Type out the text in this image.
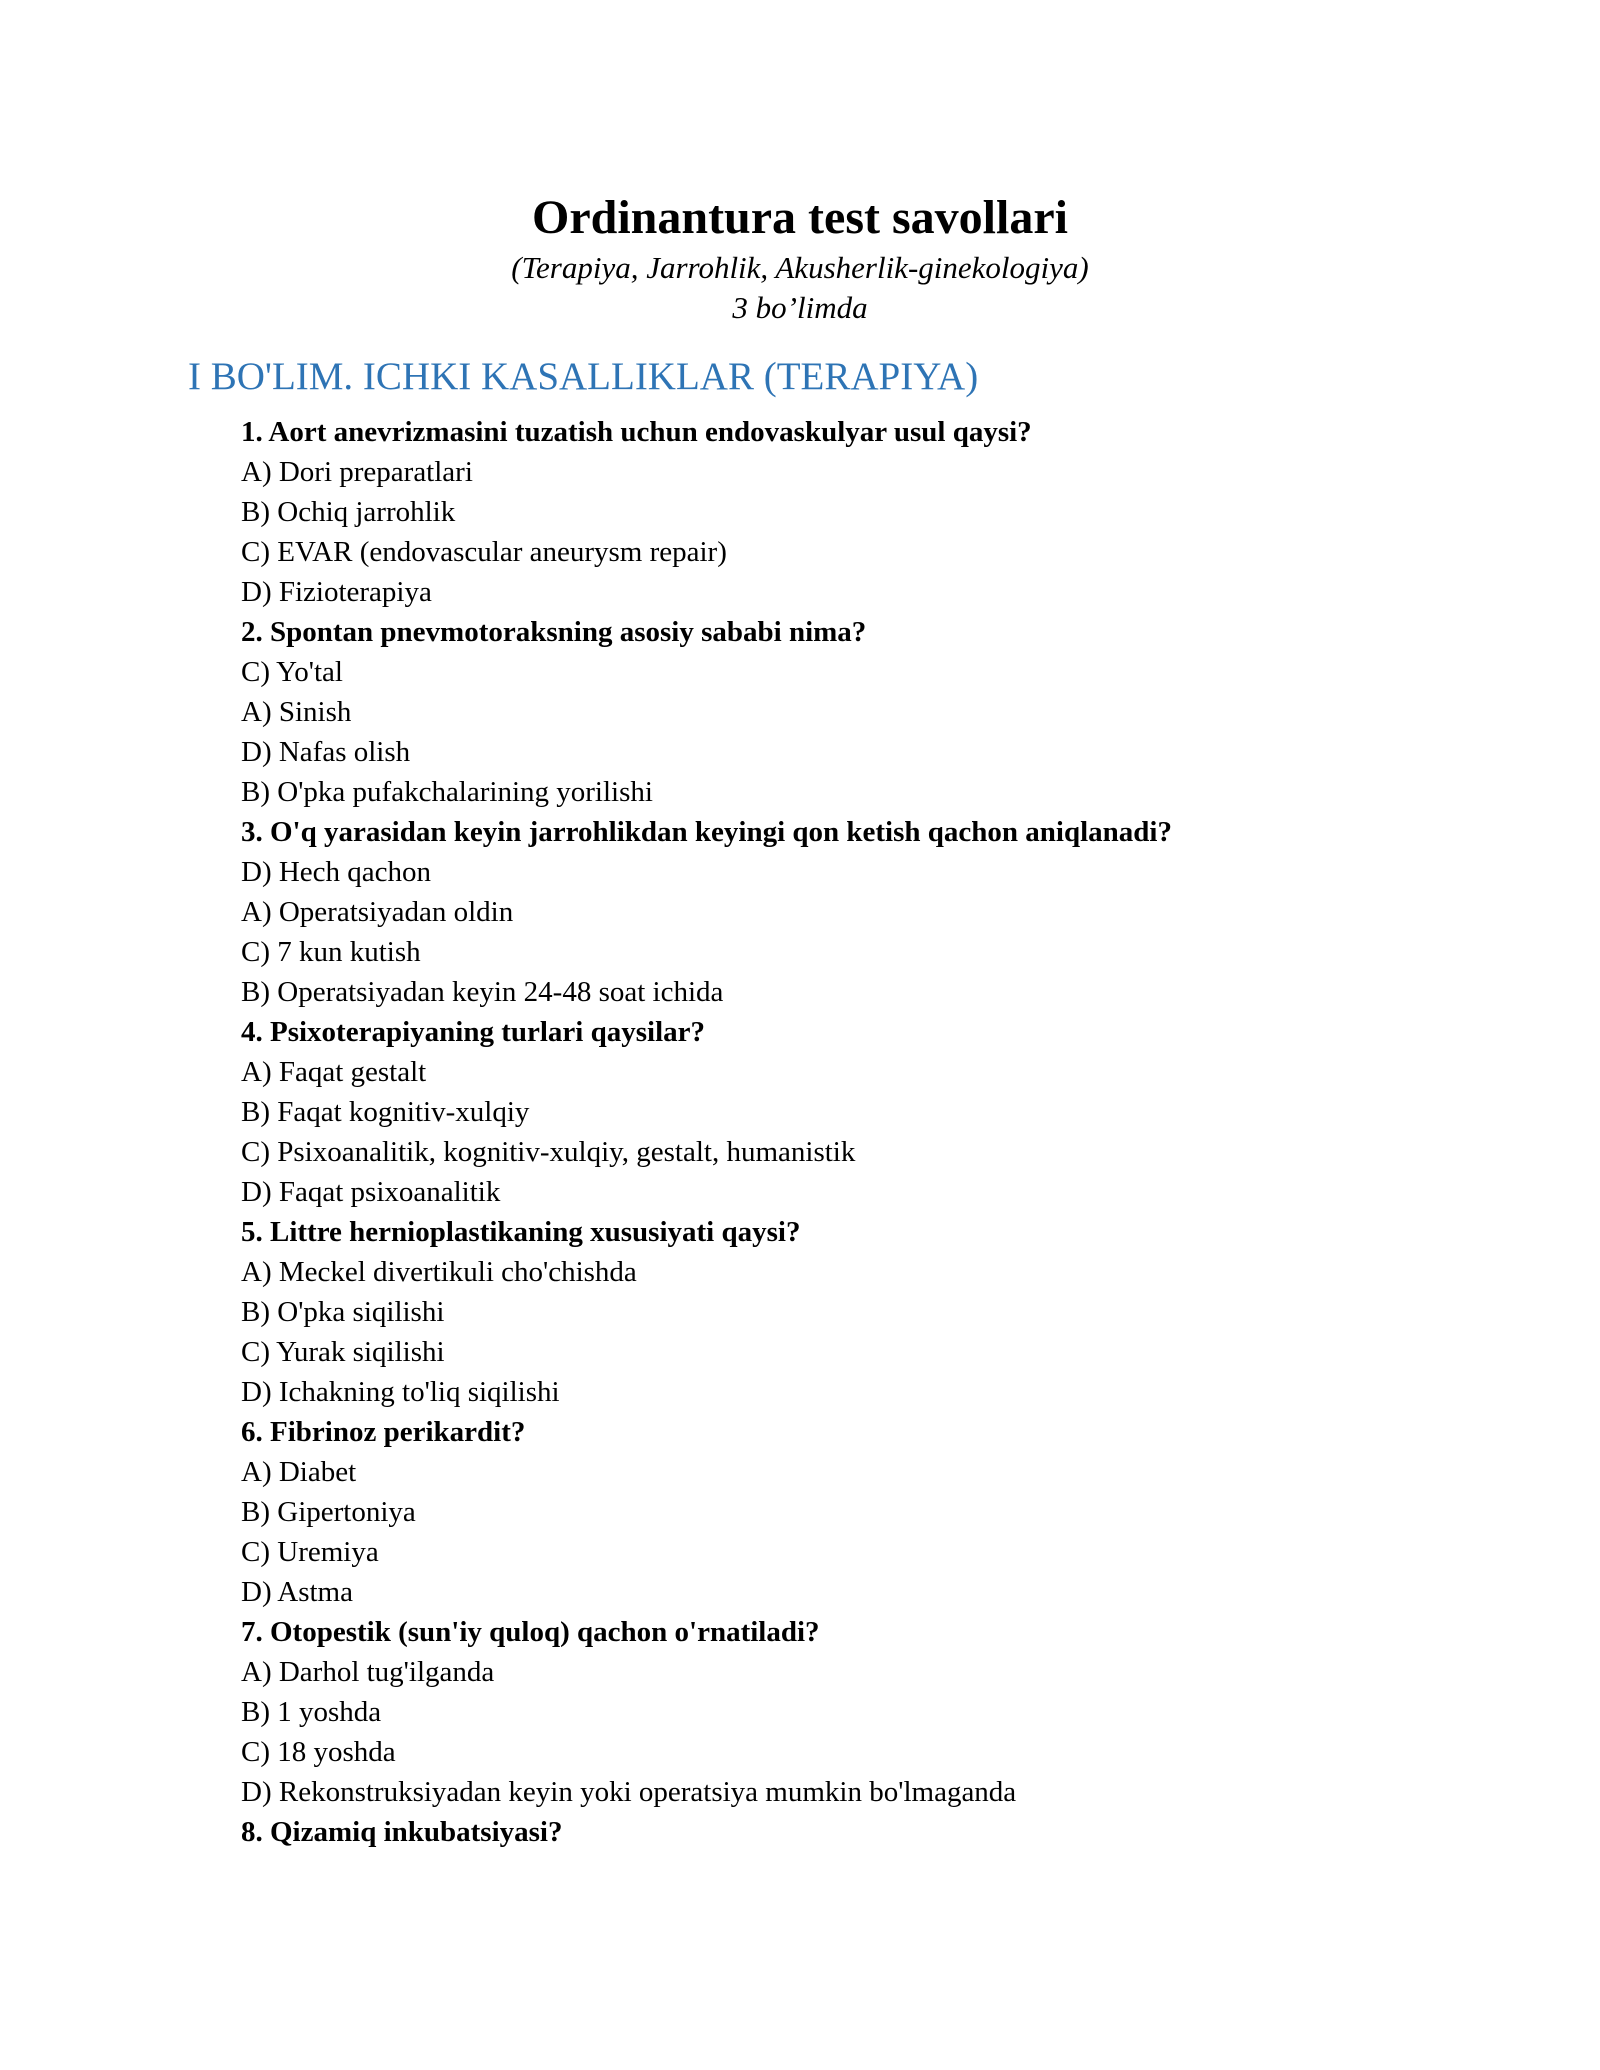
Ordinantura test savollari
(Terapiya, Jarrohlik, Akusherlik-ginekologiya)
3 bo’limda
I BO'LIM. ICHKI KASALLIKLAR (TERAPIYA)
1. Aort anevrizmasini tuzatish uchun endovaskulyar usul qaysi?
A) Dori preparatlari
B) Ochiq jarrohlik
C) EVAR (endovascular aneurysm repair)
D) Fizioterapiya
2. Spontan pnevmotoraksning asosiy sababi nima?
C) Yo'tal
A) Sinish
D) Nafas olish
B) O'pka pufakchalarining yorilishi
3. O'q yarasidan keyin jarrohlikdan keyingi qon ketish qachon aniqlanadi?
D) Hech qachon
A) Operatsiyadan oldin
C) 7 kun kutish
B) Operatsiyadan keyin 24-48 soat ichida
4. Psixoterapiyaning turlari qaysilar?
A) Faqat gestalt
B) Faqat kognitiv-xulqiy
C) Psixoanalitik, kognitiv-xulqiy, gestalt, humanistik
D) Faqat psixoanalitik
5. Littre hernioplastikaning xususiyati qaysi?
A) Meckel divertikuli cho'chishda
B) O'pka siqilishi
C) Yurak siqilishi
D) Ichakning to'liq siqilishi
6. Fibrinoz perikardit?
A) Diabet
B) Gipertoniya
C) Uremiya
D) Astma
7. Otopestik (sun'iy quloq) qachon o'rnatiladi?
A) Darhol tug'ilganda
B) 1 yoshda
C) 18 yoshda
D) Rekonstruksiyadan keyin yoki operatsiya mumkin bo'lmaganda
8. Qizamiq inkubatsiyasi?
